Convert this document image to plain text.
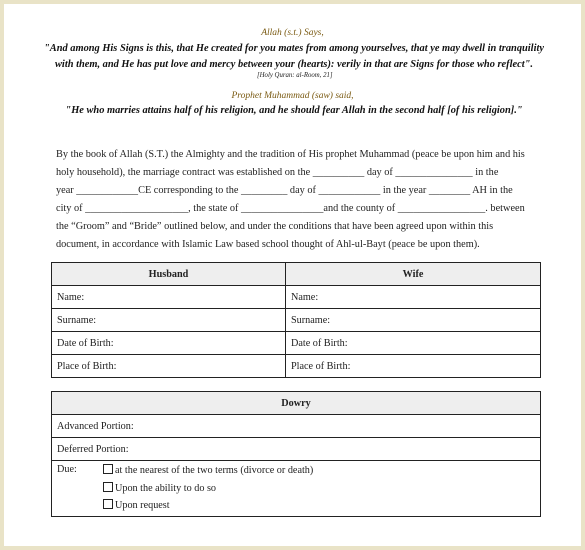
Allah (s.t.) Says,
"And among His Signs is this, that He created for you mates from among yourselves, that ye may dwell in tranquility
with them, and He has put love and mercy between your (hearts): verily in that are Signs for those who reflect".
[Holy Quran: al-Room, 21]
Prophet Muhammad (saw) said,
"He who marries attains half of his religion, and he should fear Allah in the second half [of his religion]."
By the book of Allah (S.T.) the Almighty and the tradition of His prophet Muhammad (peace be upon him and his
holy household), the marriage contract was established on the __________ day of _______________ in the
year ____________CE corresponding to the _________ day of ____________ in the year ________ AH in the
city of ____________________, the state of ________________and the county of _________________. between
the “Groom” and “Bride” outlined below, and under the conditions that have been agreed upon within this
document, in accordance with Islamic Law based school thought of Ahl-ul-Bayt (peace be upon them).
Husband	Wife
Name:	Name:
Surname:	Surname:
Date of Birth:	Date of Birth:
Place of Birth:	Place of Birth:
Dowry
Advanced Portion:
Deferred Portion:

Due:	at the nearest of the two terms (divorce or death)
Upon the ability to do so
Upon request
